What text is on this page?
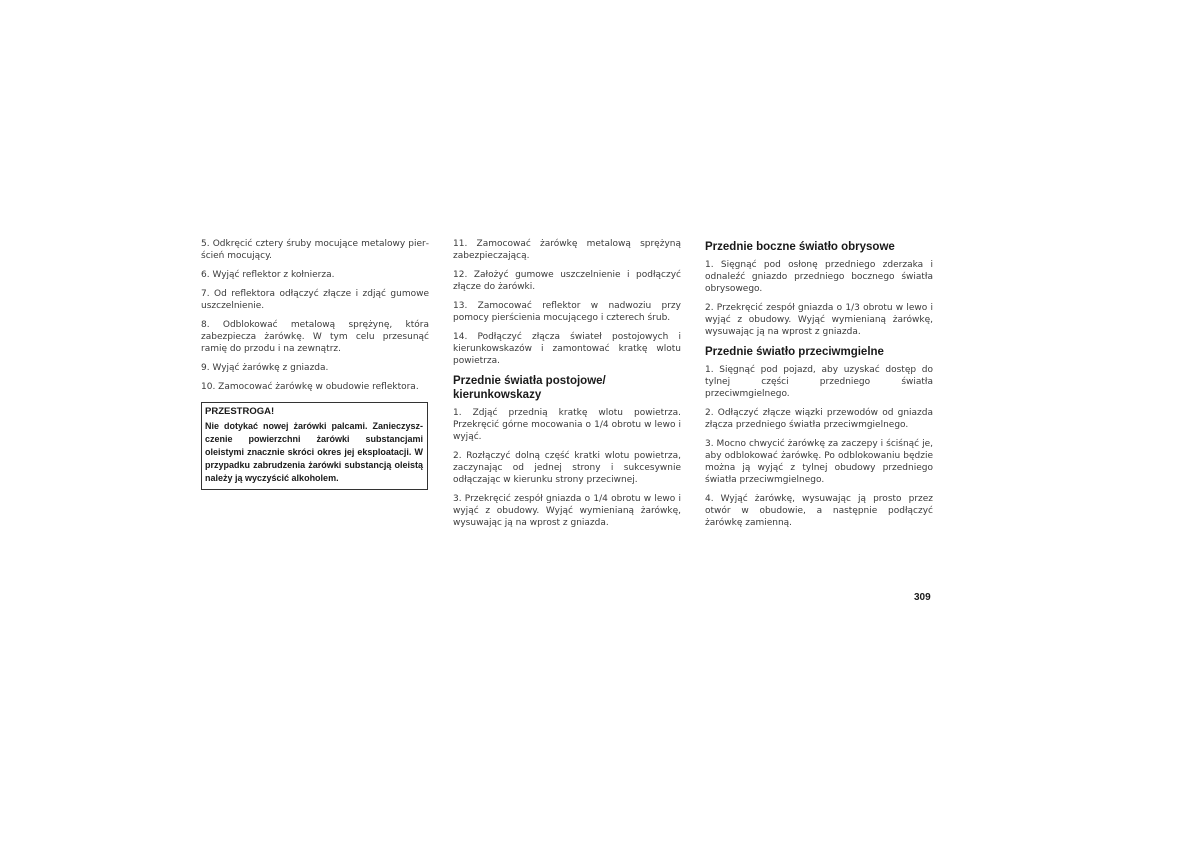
5. Odkręcić cztery śruby mocujące metalowy pierścień mocujący.

6. Wyjąć reflektor z kołnierza.

7. Od reflektora odłączyć złącze i zdjąć gumowe uszczelnienie.

8. Odblokować metalową sprężynę, która zabezpiecza żarówkę. W tym celu przesunąć ramię do przodu i na zewnątrz.

9. Wyjąć żarówkę z gniazda.

10. Zamocować żarówkę w obudowie reflektora.

PRZESTROGA!

Nie dotykać nowej żarówki palcami. Zanieczyszczenie powierzchni żarówki substancjami oleistymi znacznie skróci okres jej eksploatacji. W przypadku zabrudzenia żarówki substancją oleistą należy ją wyczyścić alkoholem.

11. Zamocować żarówkę metalową sprężyną zabezpieczającą.

12. Założyć gumowe uszczelnienie i podłączyć złącze do żarówki.

13. Zamocować reflektor w nadwoziu przy pomocy pierścienia mocującego i czterech śrub.

14. Podłączyć złącza świateł postojowych i kierunkowskazów i zamontować kratkę wlotu powietrza.

Przednie światła postojowe/ kierunkowskazy

1. Zdjąć przednią kratkę wlotu powietrza. Przekręcić górne mocowania o 1/4 obrotu w lewo i wyjąć.

2. Rozłączyć dolną część kratki wlotu powietrza, zaczynając od jednej strony i sukcesywnie odłączając w kierunku strony przeciwnej.

3. Przekręcić zespół gniazda o 1/4 obrotu w lewo i wyjąć z obudowy. Wyjąć wymienianą żarówkę, wysuwając ją na wprost z gniazda.

Przednie boczne światło obrysowe

1. Sięgnąć pod osłonę przedniego zderzaka i odnaleźć gniazdo przedniego bocznego światła obrysowego.

2. Przekręcić zespół gniazda o 1/3 obrotu w lewo i wyjąć z obudowy. Wyjąć wymienianą żarówkę, wysuwając ją na wprost z gniazda.

Przednie światło przeciwmgielne

1. Sięgnąć pod pojazd, aby uzyskać dostęp do tylnej części przedniego światła przeciwmgielnego.

2. Odłączyć złącze wiązki przewodów od gniazda złącza przedniego światła przeciwmgielnego.

3. Mocno chwycić żarówkę za zaczepy i ściśnąć je, aby odblokować żarówkę. Po odblokowaniu będzie można ją wyjąć z tylnej obudowy przedniego światła przeciwmgielnego.

4. Wyjąć żarówkę, wysuwając ją prosto przez otwór w obudowie, a następnie podłączyć żarówkę zamienną.

309
